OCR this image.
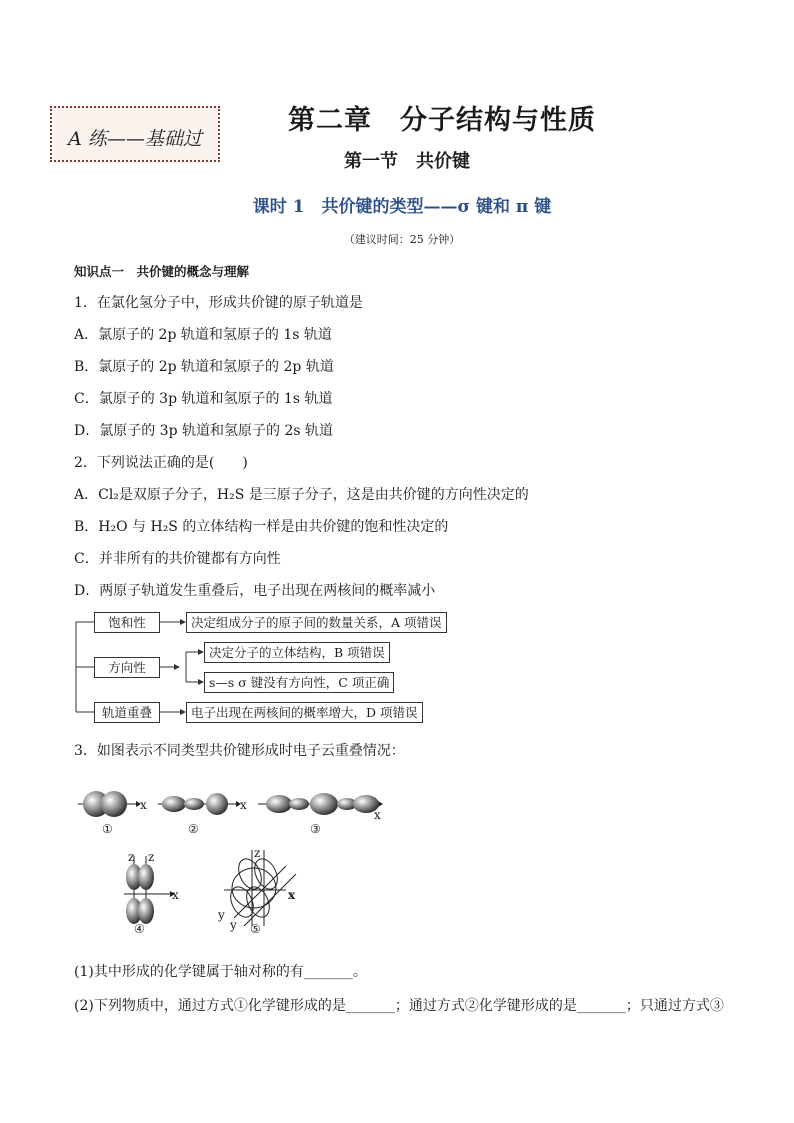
A 练——基础过
第二章　分子结构与性质
第一节　共价键
课时 1　共价键的类型——σ 键和 π 键
（建议时间：25 分钟）
知识点一　共价键的概念与理解
1．在氯化氢分子中，形成共价键的原子轨道是
A．氯原子的 2p 轨道和氢原子的 1s 轨道
B．氯原子的 2p 轨道和氢原子的 2p 轨道
C．氯原子的 3p 轨道和氢原子的 1s 轨道
D．氯原子的 3p 轨道和氢原子的 2s 轨道
2．下列说法正确的是(　　)
A．Cl₂是双原子分子，H₂S 是三原子分子，这是由共价键的方向性决定的
B．H₂O 与 H₂S 的立体结构一样是由共价键的饱和性决定的
C．并非所有的共价键都有方向性
D．两原子轨道发生重叠后，电子出现在两核间的概率减小
饱和性	决定组成分子的原子间的数量关系，A 项错误
方向性
决定分子的立体结构，B 项错误
s—s σ 键没有方向性，C 项正确
轨道重叠	电子出现在两核间的概率增大，D 项错误
3．如图表示不同类型共价键形成时电子云重叠情况：
x	x
x
z z
x
z
x
y
y
①	②	③
④	⑤
(1)其中形成的化学键属于轴对称的有_______。
(2)下列物质中，通过方式①化学键形成的是_______；通过方式②化学键形成的是_______；只通过方式③
